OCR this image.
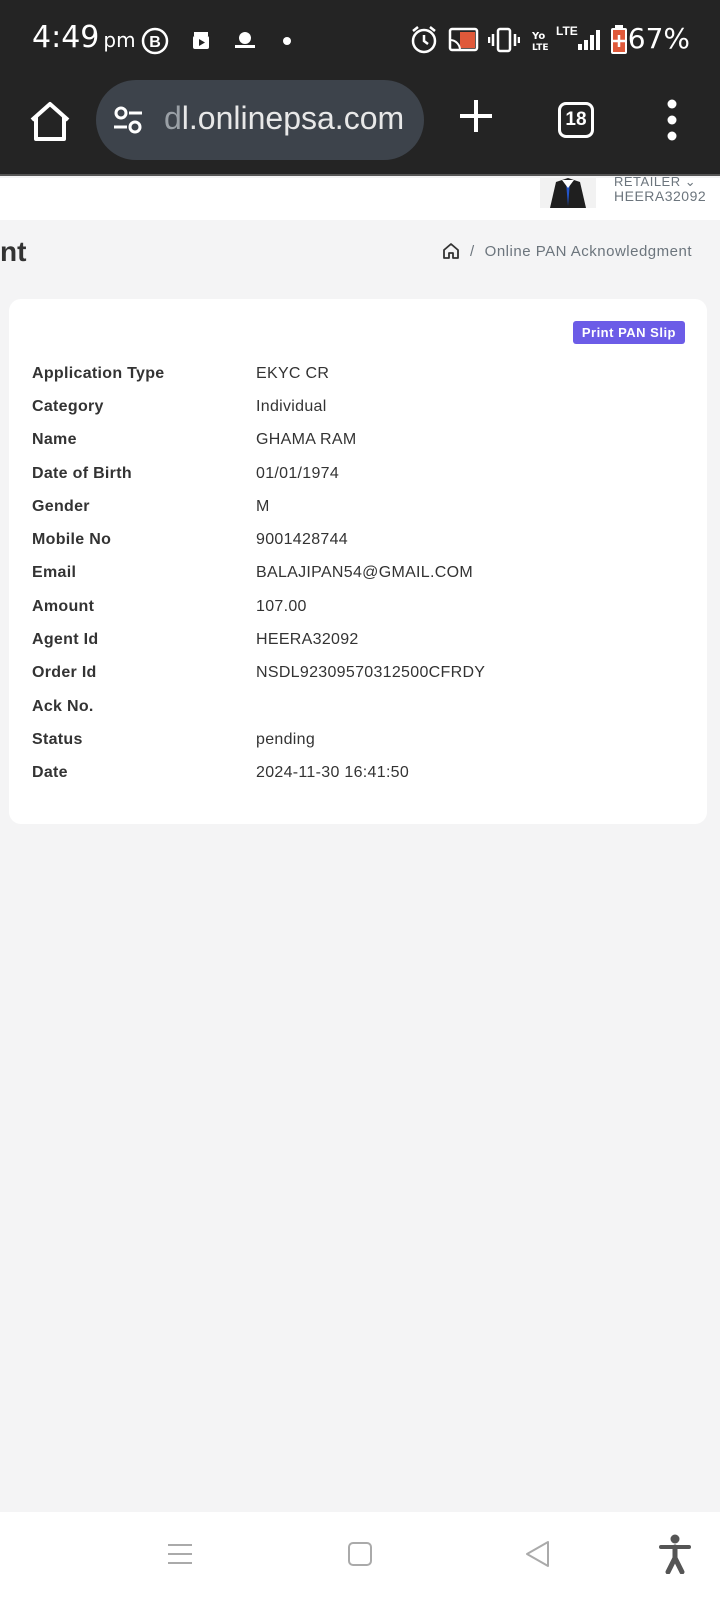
4:49 pm B	Yo
LTE
LTE 67%
dl.onlinepsa.com	18
RETAILER ⌄
HEERA32092
nt	/ Online PAN Acknowledgment
Print PAN Slip
Application Type	EKYC CR
Category	Individual
Name	GHAMA RAM
Date of Birth	01/01/1974
Gender	M
Mobile No	9001428744
Email	BALAJIPAN54@GMAIL.COM
Amount	107.00
Agent Id	HEERA32092
Order Id	NSDL92309570312500CFRDY
Ack No.
Status	pending
Date	2024-11-30 16:41:50
